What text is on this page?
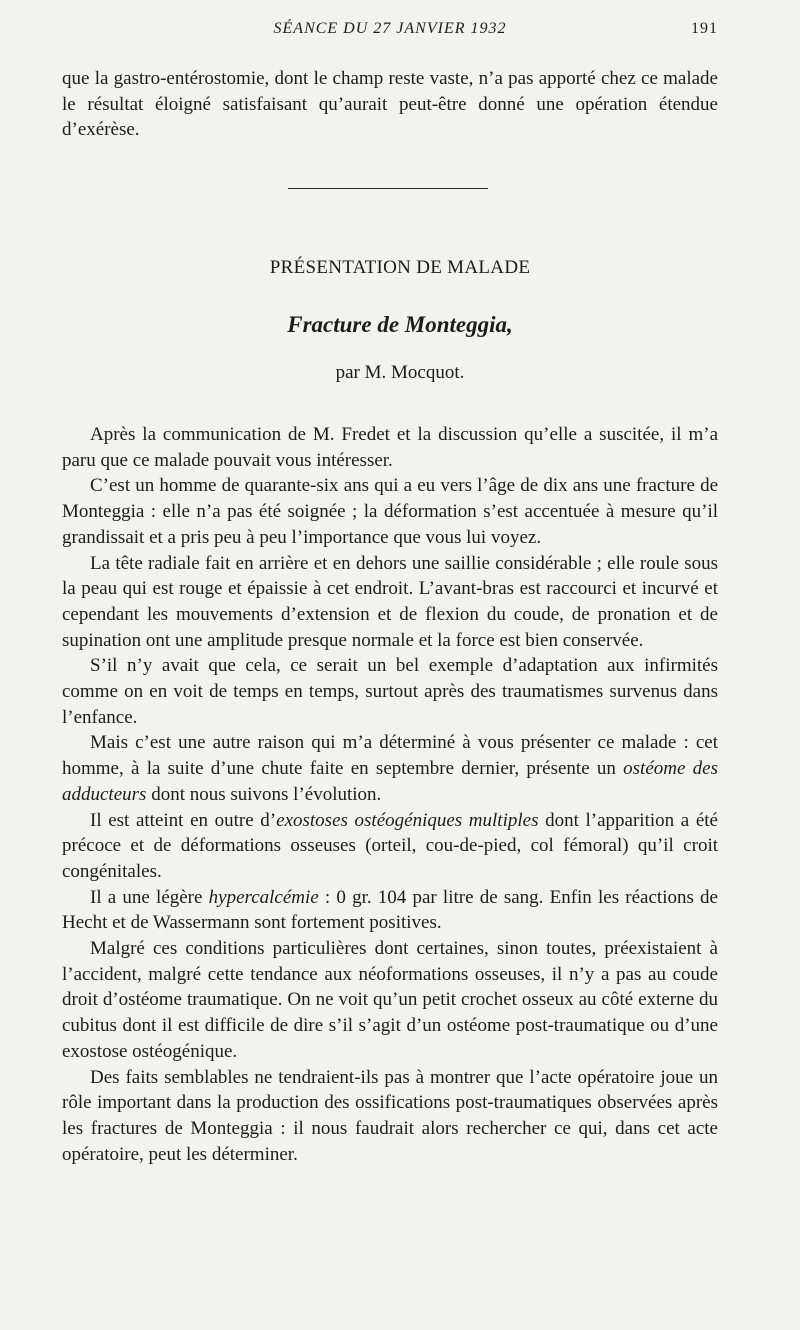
SÉANCE DU 27 JANVIER 1932	191

que la gastro-entérostomie, dont le champ reste vaste, n’a pas apporté chez ce malade le résultat éloigné satisfaisant qu’aurait peut-être donné une opération étendue d’exérèse.

PRÉSENTATION DE MALADE
Fracture de Monteggia,
par M. Mocquot.

Après la communication de M. Fredet et la discussion qu’elle a suscitée, il m’a paru que ce malade pouvait vous intéresser.

C’est un homme de quarante-six ans qui a eu vers l’âge de dix ans une fracture de Monteggia : elle n’a pas été soignée ; la déformation s’est accentuée à mesure qu’il grandissait et a pris peu à peu l’importance que vous lui voyez.

La tête radiale fait en arrière et en dehors une saillie considérable ; elle roule sous la peau qui est rouge et épaissie à cet endroit. L’avant-bras est raccourci et incurvé et cependant les mouvements d’extension et de flexion du coude, de pronation et de supination ont une amplitude presque normale et la force est bien conservée.

S’il n’y avait que cela, ce serait un bel exemple d’adaptation aux infirmités comme on en voit de temps en temps, surtout après des traumatismes survenus dans l’enfance.

Mais c’est une autre raison qui m’a déterminé à vous présenter ce malade : cet homme, à la suite d’une chute faite en septembre dernier, présente un ostéome des adducteurs dont nous suivons l’évolution.

Il est atteint en outre d’exostoses ostéogéniques multiples dont l’apparition a été précoce et de déformations osseuses (orteil, cou-de-pied, col fémoral) qu’il croit congénitales.

Il a une légère hypercalcémie : 0 gr. 104 par litre de sang. Enfin les réactions de Hecht et de Wassermann sont fortement positives.

Malgré ces conditions particulières dont certaines, sinon toutes, préexistaient à l’accident, malgré cette tendance aux néoformations osseuses, il n’y a pas au coude droit d’ostéome traumatique. On ne voit qu’un petit crochet osseux au côté externe du cubitus dont il est difficile de dire s’il s’agit d’un ostéome post-traumatique ou d’une exostose ostéogénique.

Des faits semblables ne tendraient-ils pas à montrer que l’acte opératoire joue un rôle important dans la production des ossifications post-traumatiques observées après les fractures de Monteggia : il nous faudrait alors rechercher ce qui, dans cet acte opératoire, peut les déterminer.
